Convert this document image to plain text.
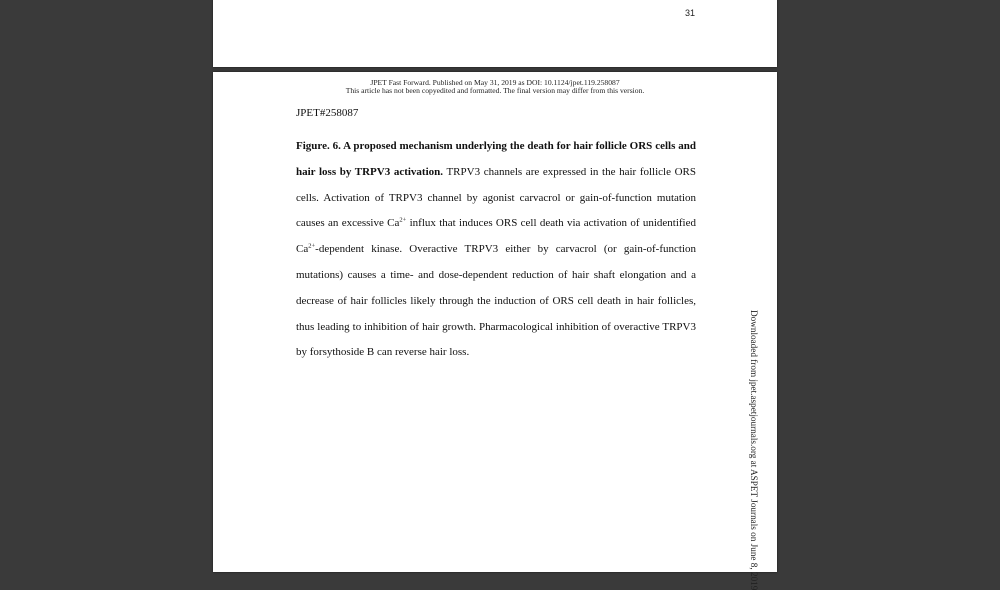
31
JPET Fast Forward. Published on May 31, 2019 as DOI: 10.1124/jpet.119.258087
This article has not been copyedited and formatted. The final version may differ from this version.
JPET#258087

Figure. 6. A proposed mechanism underlying the death for hair follicle ORS cells and hair loss by TRPV3 activation. TRPV3 channels are expressed in the hair follicle ORS cells. Activation of TRPV3 channel by agonist carvacrol or gain-of-function mutation causes an excessive $Ca^{2+}$ influx that induces ORS cell death via activation of unidentified $Ca^{2+}$-dependent kinase. Overactive TRPV3 either by carvacrol (or gain-of-function mutations) causes a time- and dose-dependent reduction of hair shaft elongation and a decrease of hair follicles likely through the induction of ORS cell death in hair follicles, thus leading to inhibition of hair growth. Pharmacological inhibition of overactive TRPV3 by forsythoside B can reverse hair loss.	Downloaded from jpet.aspetjournals.org at ASPET Journals on June 8, 2019
